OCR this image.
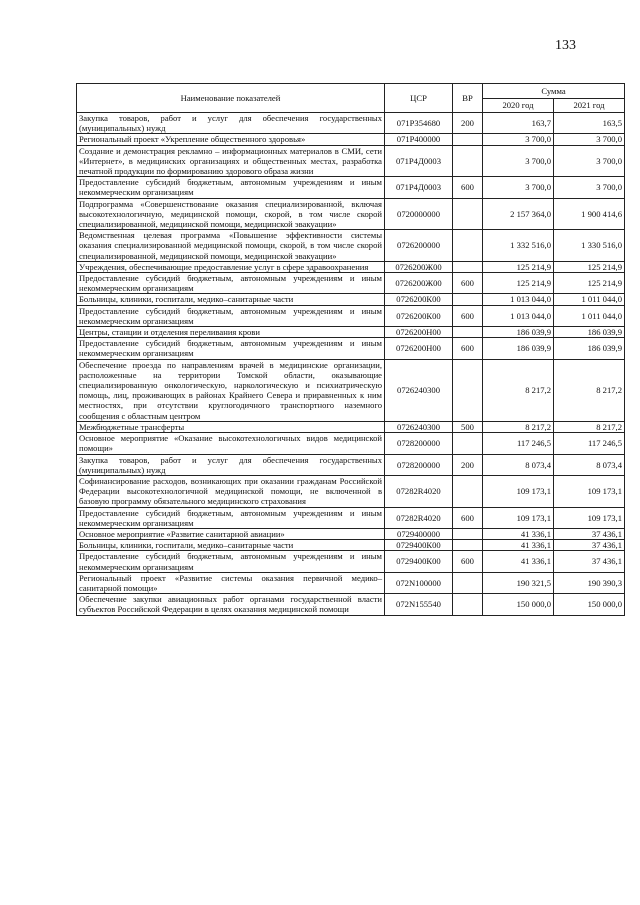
133
Наименование показателей	ЦСР	ВР	Сумма	
			2020 год	2021 год
Закупка товаров, работ и услуг для обеспечения государственных (муниципальных) нужд	071P354680	200	163,7	163,5
Региональный проект «Укрепление общественного здоровья»	071P400000		3 700,0	3 700,0
Создание и демонстрация рекламно – информационных материалов в СМИ, сети «Интернет», в медицинских организациях и общественных местах, разработка печатной продукции по формированию здорового образа жизни	071P4Д0003		3 700,0	3 700,0
Предоставление субсидий бюджетным, автономным учреждениям и иным некоммерческим организациям	071P4Д0003	600	3 700,0	3 700,0
Подпрограмма «Совершенствование оказания специализированной, включая высокотехнологичную, медицинской помощи, скорой, в том числе скорой специализированной, медицинской помощи, медицинской эвакуации»	0720000000		2 157 364,0	1 900 414,6
Ведомственная целевая программа «Повышение эффективности системы оказания специализированной медицинской помощи, скорой, в том числе скорой специализированной, медицинской помощи, медицинской эвакуации»	0726200000		1 332 516,0	1 330 516,0
Учреждения, обеспечивающие предоставление услуг в сфере здравоохранения	0726200Ж00		125 214,9	125 214,9
Предоставление субсидий бюджетным, автономным учреждениям и иным некоммерческим организациям	0726200Ж00	600	125 214,9	125 214,9
Больницы, клиники, госпитали, медико–санитарные части	0726200К00		1 013 044,0	1 011 044,0
Предоставление субсидий бюджетным, автономным учреждениям и иным некоммерческим организациям	0726200К00	600	1 013 044,0	1 011 044,0
Центры, станции и отделения переливания крови	0726200Н00		186 039,9	186 039,9
Предоставление субсидий бюджетным, автономным учреждениям и иным некоммерческим организациям	0726200Н00	600	186 039,9	186 039,9
Обеспечение проезда по направлениям врачей в медицинские организации, расположенные на территории Томской области, оказывающие специализированную онкологическую, наркологическую и психиатрическую помощь, лиц, проживающих в районах Крайнего Севера и приравненных к ним местностях, при отсутствии круглогодичного транспортного наземного сообщения с областным центром	0726240300		8 217,2	8 217,2
Межбюджетные трансферты	0726240300	500	8 217,2	8 217,2
Основное мероприятие «Оказание высокотехнологичных видов медицинской помощи»	0728200000		117 246,5	117 246,5
Закупка товаров, работ и услуг для обеспечения государственных (муниципальных) нужд	0728200000	200	8 073,4	8 073,4
Софинансирование расходов, возникающих при оказании гражданам Российской Федерации высокотехнологичной медицинской помощи, не включенной в базовую программу обязательного медицинского страхования	07282R4020		109 173,1	109 173,1
Предоставление субсидий бюджетным, автономным учреждениям и иным некоммерческим организациям	07282R4020	600	109 173,1	109 173,1
Основное мероприятие «Развитие санитарной авиации»	0729400000		41 336,1	37 436,1
Больницы, клиники, госпитали, медико–санитарные части	0729400К00		41 336,1	37 436,1
Предоставление субсидий бюджетным, автономным учреждениям и иным некоммерческим организациям	0729400К00	600	41 336,1	37 436,1
Региональный проект «Развитие системы оказания первичной медико–санитарной помощи»	072N100000		190 321,5	190 390,3
Обеспечение закупки авиационных работ органами государственной власти субъектов Российской Федерации в целях оказания медицинской помощи	072N155540		150 000,0	150 000,0
